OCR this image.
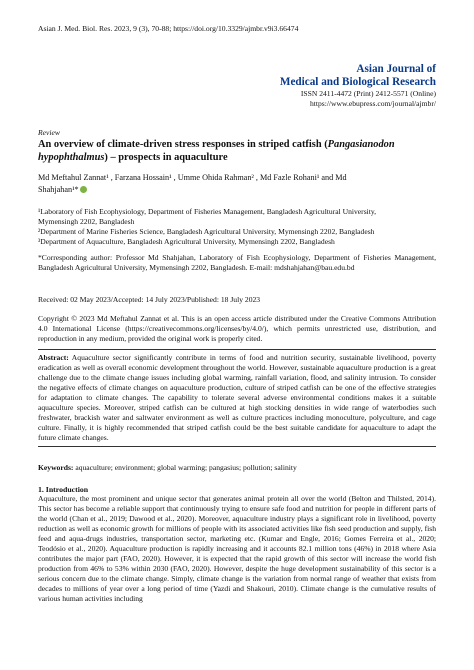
Asian J. Med. Biol. Res. 2023, 9 (3), 70-88; https://doi.org/10.3329/ajmbr.v9i3.66474
Asian Journal of
Medical and Biological Research
ISSN 2411-4472 (Print) 2412-5571 (Online)
https://www.ebupress.com/journal/ajmbr/
Review
An overview of climate-driven stress responses in striped catfish (Pangasianodon hypophthalmus) – prospects in aquaculture
Md Meftahul Zannat¹ , Farzana Hossain¹ , Umme Ohida Rahman² , Md Fazle Rohani¹ and Md
Shahjahan¹*
¹Laboratory of Fish Ecophysiology, Department of Fisheries Management, Bangladesh Agricultural University,
Mymensingh 2202, Bangladesh
²Department of Marine Fisheries Science, Bangladesh Agricultural University, Mymensingh 2202, Bangladesh
³Department of Aquaculture, Bangladesh Agricultural University, Mymensingh 2202, Bangladesh
*Corresponding author: Professor Md Shahjahan, Laboratory of Fish Ecophysiology, Department of Fisheries Management, Bangladesh Agricultural University, Mymensingh 2202, Bangladesh. E-mail: mdshahjahan@bau.edu.bd
Received: 02 May 2023/Accepted: 14 July 2023/Published: 18 July 2023
Copyright © 2023 Md Meftahul Zannat et al. This is an open access article distributed under the Creative Commons Attribution 4.0 International License (https://creativecommons.org/licenses/by/4.0/), which permits unrestricted use, distribution, and reproduction in any medium, provided the original work is properly cited.
Abstract: Aquaculture sector significantly contribute in terms of food and nutrition security, sustainable livelihood, poverty eradication as well as overall economic development throughout the world. However, sustainable aquaculture production is a great challenge due to the climate change issues including global warming, rainfall variation, flood, and salinity intrusion. To consider the negative effects of climate changes on aquaculture production, culture of striped catfish can be one of the effective strategies for adaptation to climate changes. The capability to tolerate several adverse environmental conditions makes it a suitable aquaculture species. Moreover, striped catfish can be cultured at high stocking densities in wide range of waterbodies such freshwater, brackish water and saltwater environment as well as culture practices including monoculture, polyculture, and cage culture. Finally, it is highly recommended that striped catfish could be the best suitable candidate for aquaculture to adapt the future climate changes.
Keywords: aquaculture; environment; global warming; pangasius; pollution; salinity
1. Introduction
Aquaculture, the most prominent and unique sector that generates animal protein all over the world (Belton and Thilsted, 2014). This sector has become a reliable support that continuously trying to ensure safe food and nutrition for people in different parts of the world (Chan et al., 2019; Dawood et al., 2020). Moreover, aquaculture industry plays a significant role in livelihood, poverty reduction as well as economic growth for millions of people with its associated activities like fish seed production and supply, fish feed and aqua-drugs industries, transportation sector, marketing etc. (Kumar and Engle, 2016; Gomes Ferreira et al., 2020; Teodósio et al., 2020). Aquaculture production is rapidly increasing and it accounts 82.1 million tons (46%) in 2018 where Asia contributes the major part (FAO, 2020). However, it is expected that the rapid growth of this sector will increase the world fish production from 46% to 53% within 2030 (FAO, 2020). However, despite the huge development sustainability of this sector is a serious concern due to the climate change. Simply, climate change is the variation from normal range of weather that exists from decades to millions of year over a long period of time (Yazdi and Shakouri, 2010). Climate change is the cumulative results of various human activities including
